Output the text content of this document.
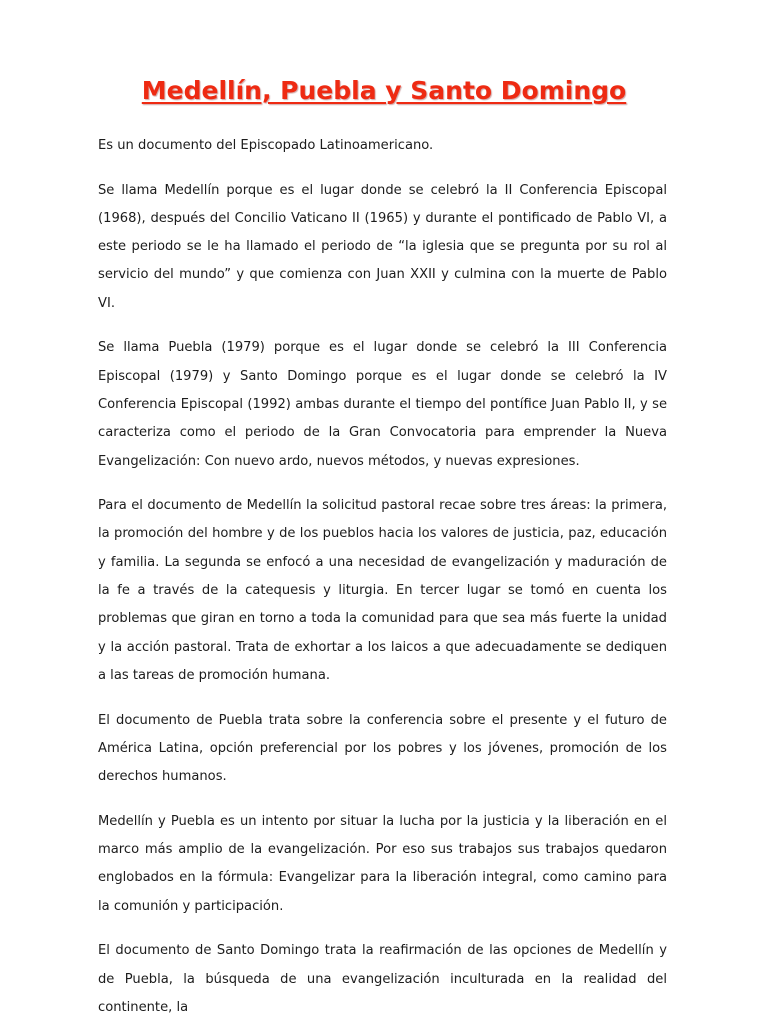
Medellín, Puebla y Santo Domingo

Es un documento del Episcopado Latinoamericano.

Se llama Medellín porque es el lugar donde se celebró la II Conferencia Episcopal (1968), después del Concilio Vaticano II (1965) y durante el pontificado de Pablo VI, a este periodo se le ha llamado el periodo de “la iglesia que se pregunta por su rol al servicio del mundo” y que comienza con Juan XXII y culmina con la muerte de Pablo VI.

Se llama Puebla (1979) porque es el lugar donde se celebró la III Conferencia Episcopal (1979) y Santo Domingo porque es el lugar donde se celebró la IV Conferencia Episcopal (1992) ambas durante el tiempo del pontífice Juan Pablo II, y se caracteriza como el periodo de la Gran Convocatoria para emprender la Nueva Evangelización: Con nuevo ardo, nuevos métodos, y nuevas expresiones.

Para el documento de Medellín la solicitud pastoral recae sobre tres áreas: la primera, la promoción del hombre y de los pueblos hacia los valores de justicia, paz, educación y familia. La segunda se enfocó a una necesidad de evangelización y maduración de la fe a través de la catequesis y liturgia. En tercer lugar se tomó en cuenta los problemas que giran en torno a toda la comunidad para que sea más fuerte la unidad y la acción pastoral. Trata de exhortar a los laicos a que adecuadamente se dediquen a las tareas de promoción humana.

El documento de Puebla trata sobre la conferencia sobre el presente y el futuro de América Latina, opción preferencial por los pobres y los jóvenes, promoción de los derechos humanos.

Medellín y Puebla es un intento por situar la lucha por la justicia y la liberación en el marco más amplio de la evangelización. Por eso sus trabajos sus trabajos quedaron englobados en la fórmula: Evangelizar para la liberación integral, como camino para la comunión y participación.

El documento de Santo Domingo trata la reafirmación de las opciones de Medellín y de Puebla, la búsqueda de una evangelización inculturada en la realidad del continente, la
